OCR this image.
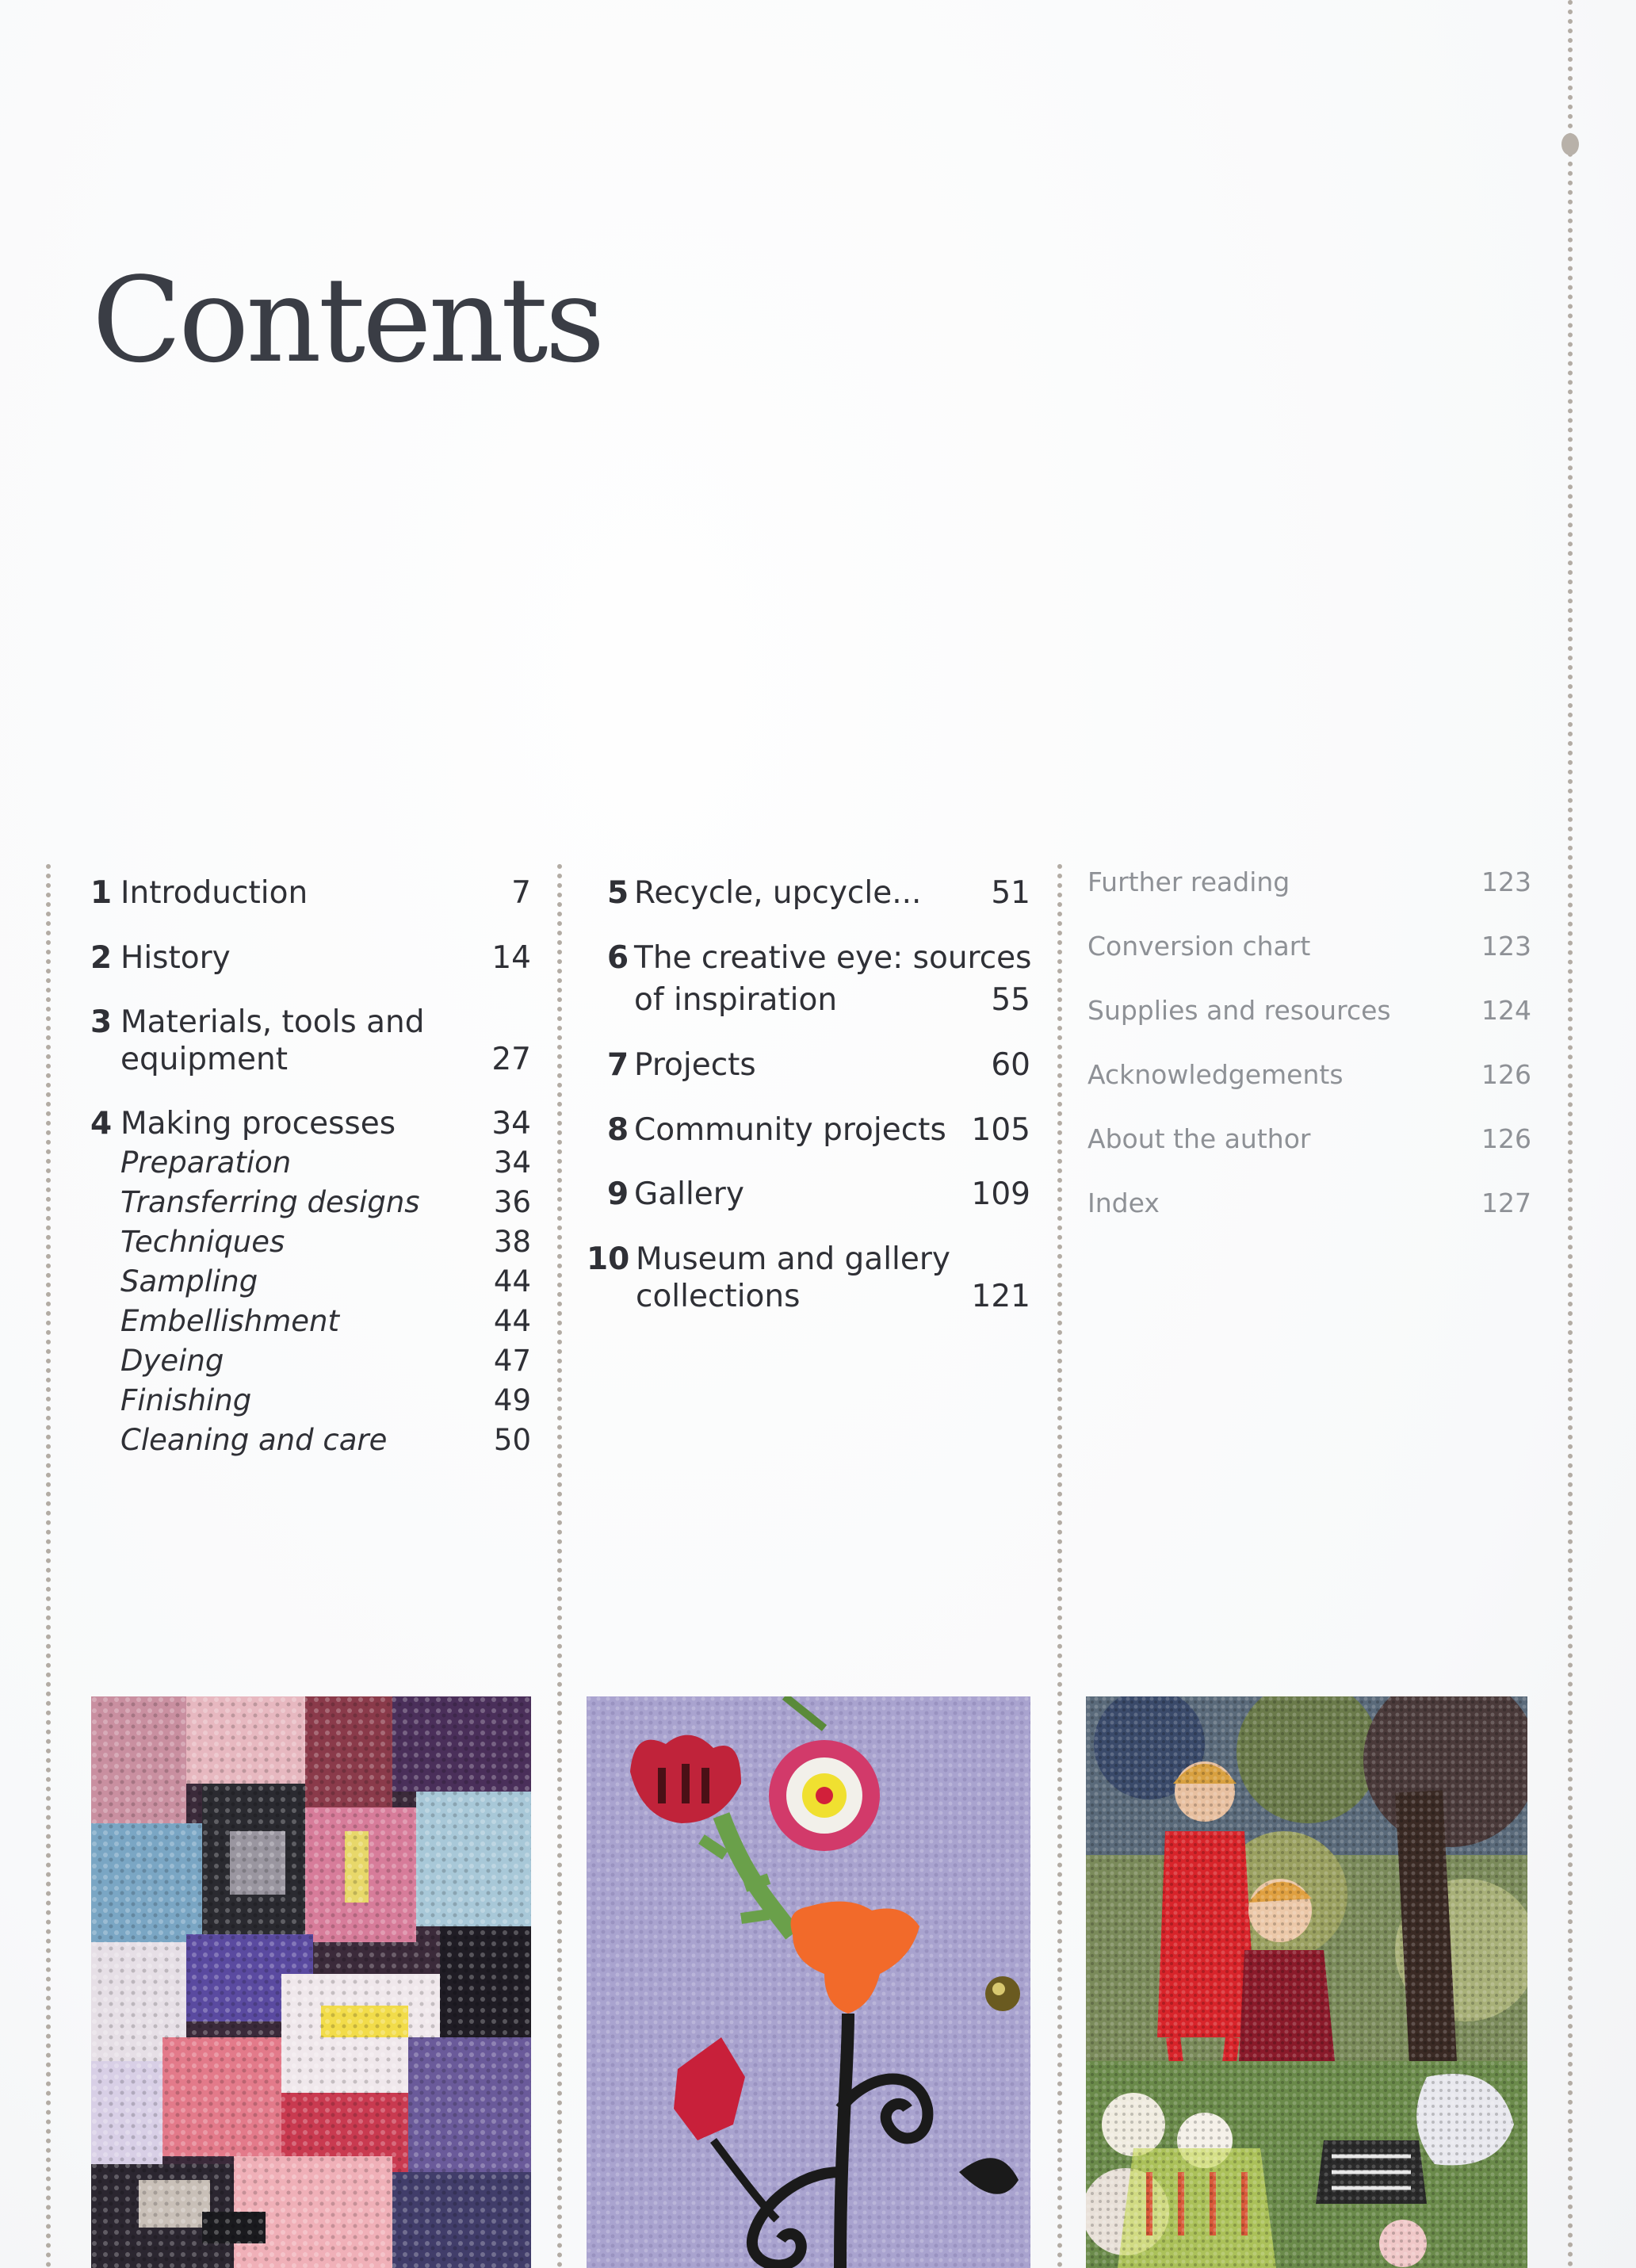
Contents
1 Introduction	7
2 History	14
3 Materials, tools and
equipment	27
4 Making processes	34
Preparation	34
Transferring designs	36
Techniques	38
Sampling	44
Embellishment	44
Dyeing	47
Finishing	49
Cleaning and care	50
5 Recycle, upcycle...	51
6 The creative eye: sources
of inspiration	55
7 Projects	60
8 Community projects 105
9 Gallery	109
10 Museum and gallery
collections	121
Further reading	123
Conversion chart	123
Supplies and resources	124
Acknowledgements	126
About the author	126
Index	127
